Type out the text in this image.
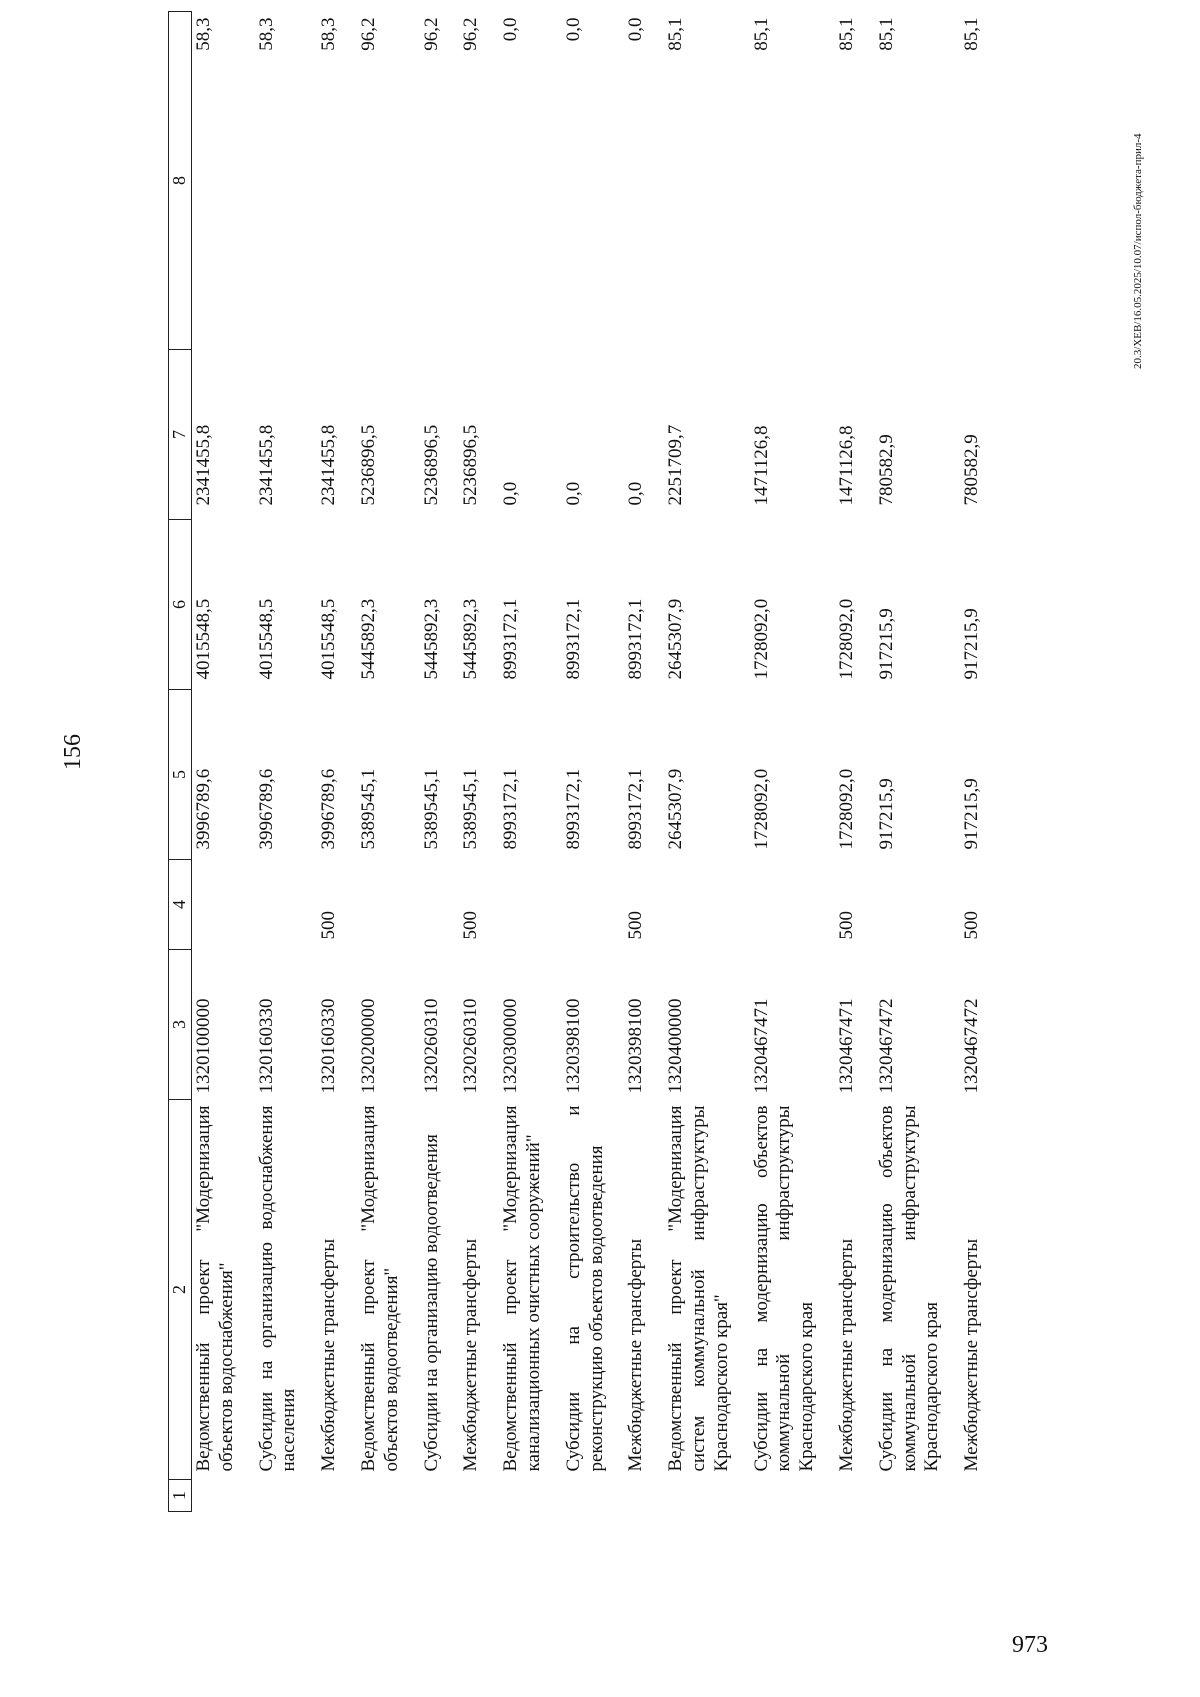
156
1	2	3	4	5	6	7	8
	Ведомственный проект "Модернизация объектов водоснабжения"	1320100000		3996789,6	4015548,5	2341455,8	58,3
	Субсидии на организацию водоснабжения населения	1320160330		3996789,6	4015548,5	2341455,8	58,3
	Межбюджетные трансферты	1320160330	500	3996789,6	4015548,5	2341455,8	58,3
	Ведомственный проект "Модернизация объектов водоотведения"	1320200000		5389545,1	5445892,3	5236896,5	96,2
	Субсидии на организацию водоотведения	1320260310		5389545,1	5445892,3	5236896,5	96,2
	Межбюджетные трансферты	1320260310	500	5389545,1	5445892,3	5236896,5	96,2
	Ведомственный проект "Модернизация канализационных очистных сооружений"	1320300000		8993172,1	8993172,1	0,0	0,0
	Субсидии на строительство и реконструкцию объектов водоотведения	1320398100		8993172,1	8993172,1	0,0	0,0
	Межбюджетные трансферты	1320398100	500	8993172,1	8993172,1	0,0	0,0
	Ведомственный проект "Модернизация систем коммунальной инфраструктуры Краснодарского края"	1320400000		2645307,9	2645307,9	2251709,7	85,1
	Субсидии на модернизацию объектов коммунальной инфраструктуры Краснодарского края	1320467471		1728092,0	1728092,0	1471126,8	85,1
	Межбюджетные трансферты	1320467471	500	1728092,0	1728092,0	1471126,8	85,1
	Субсидии на модернизацию объектов коммунальной инфраструктуры Краснодарского края	1320467472		917215,9	917215,9	780582,9	85,1
	Межбюджетные трансферты	1320467472	500	917215,9	917215,9	780582,9	85,1
20.3/ХЕВ/16.05.2025/10.07/испол-бюджета-прил-4
973
